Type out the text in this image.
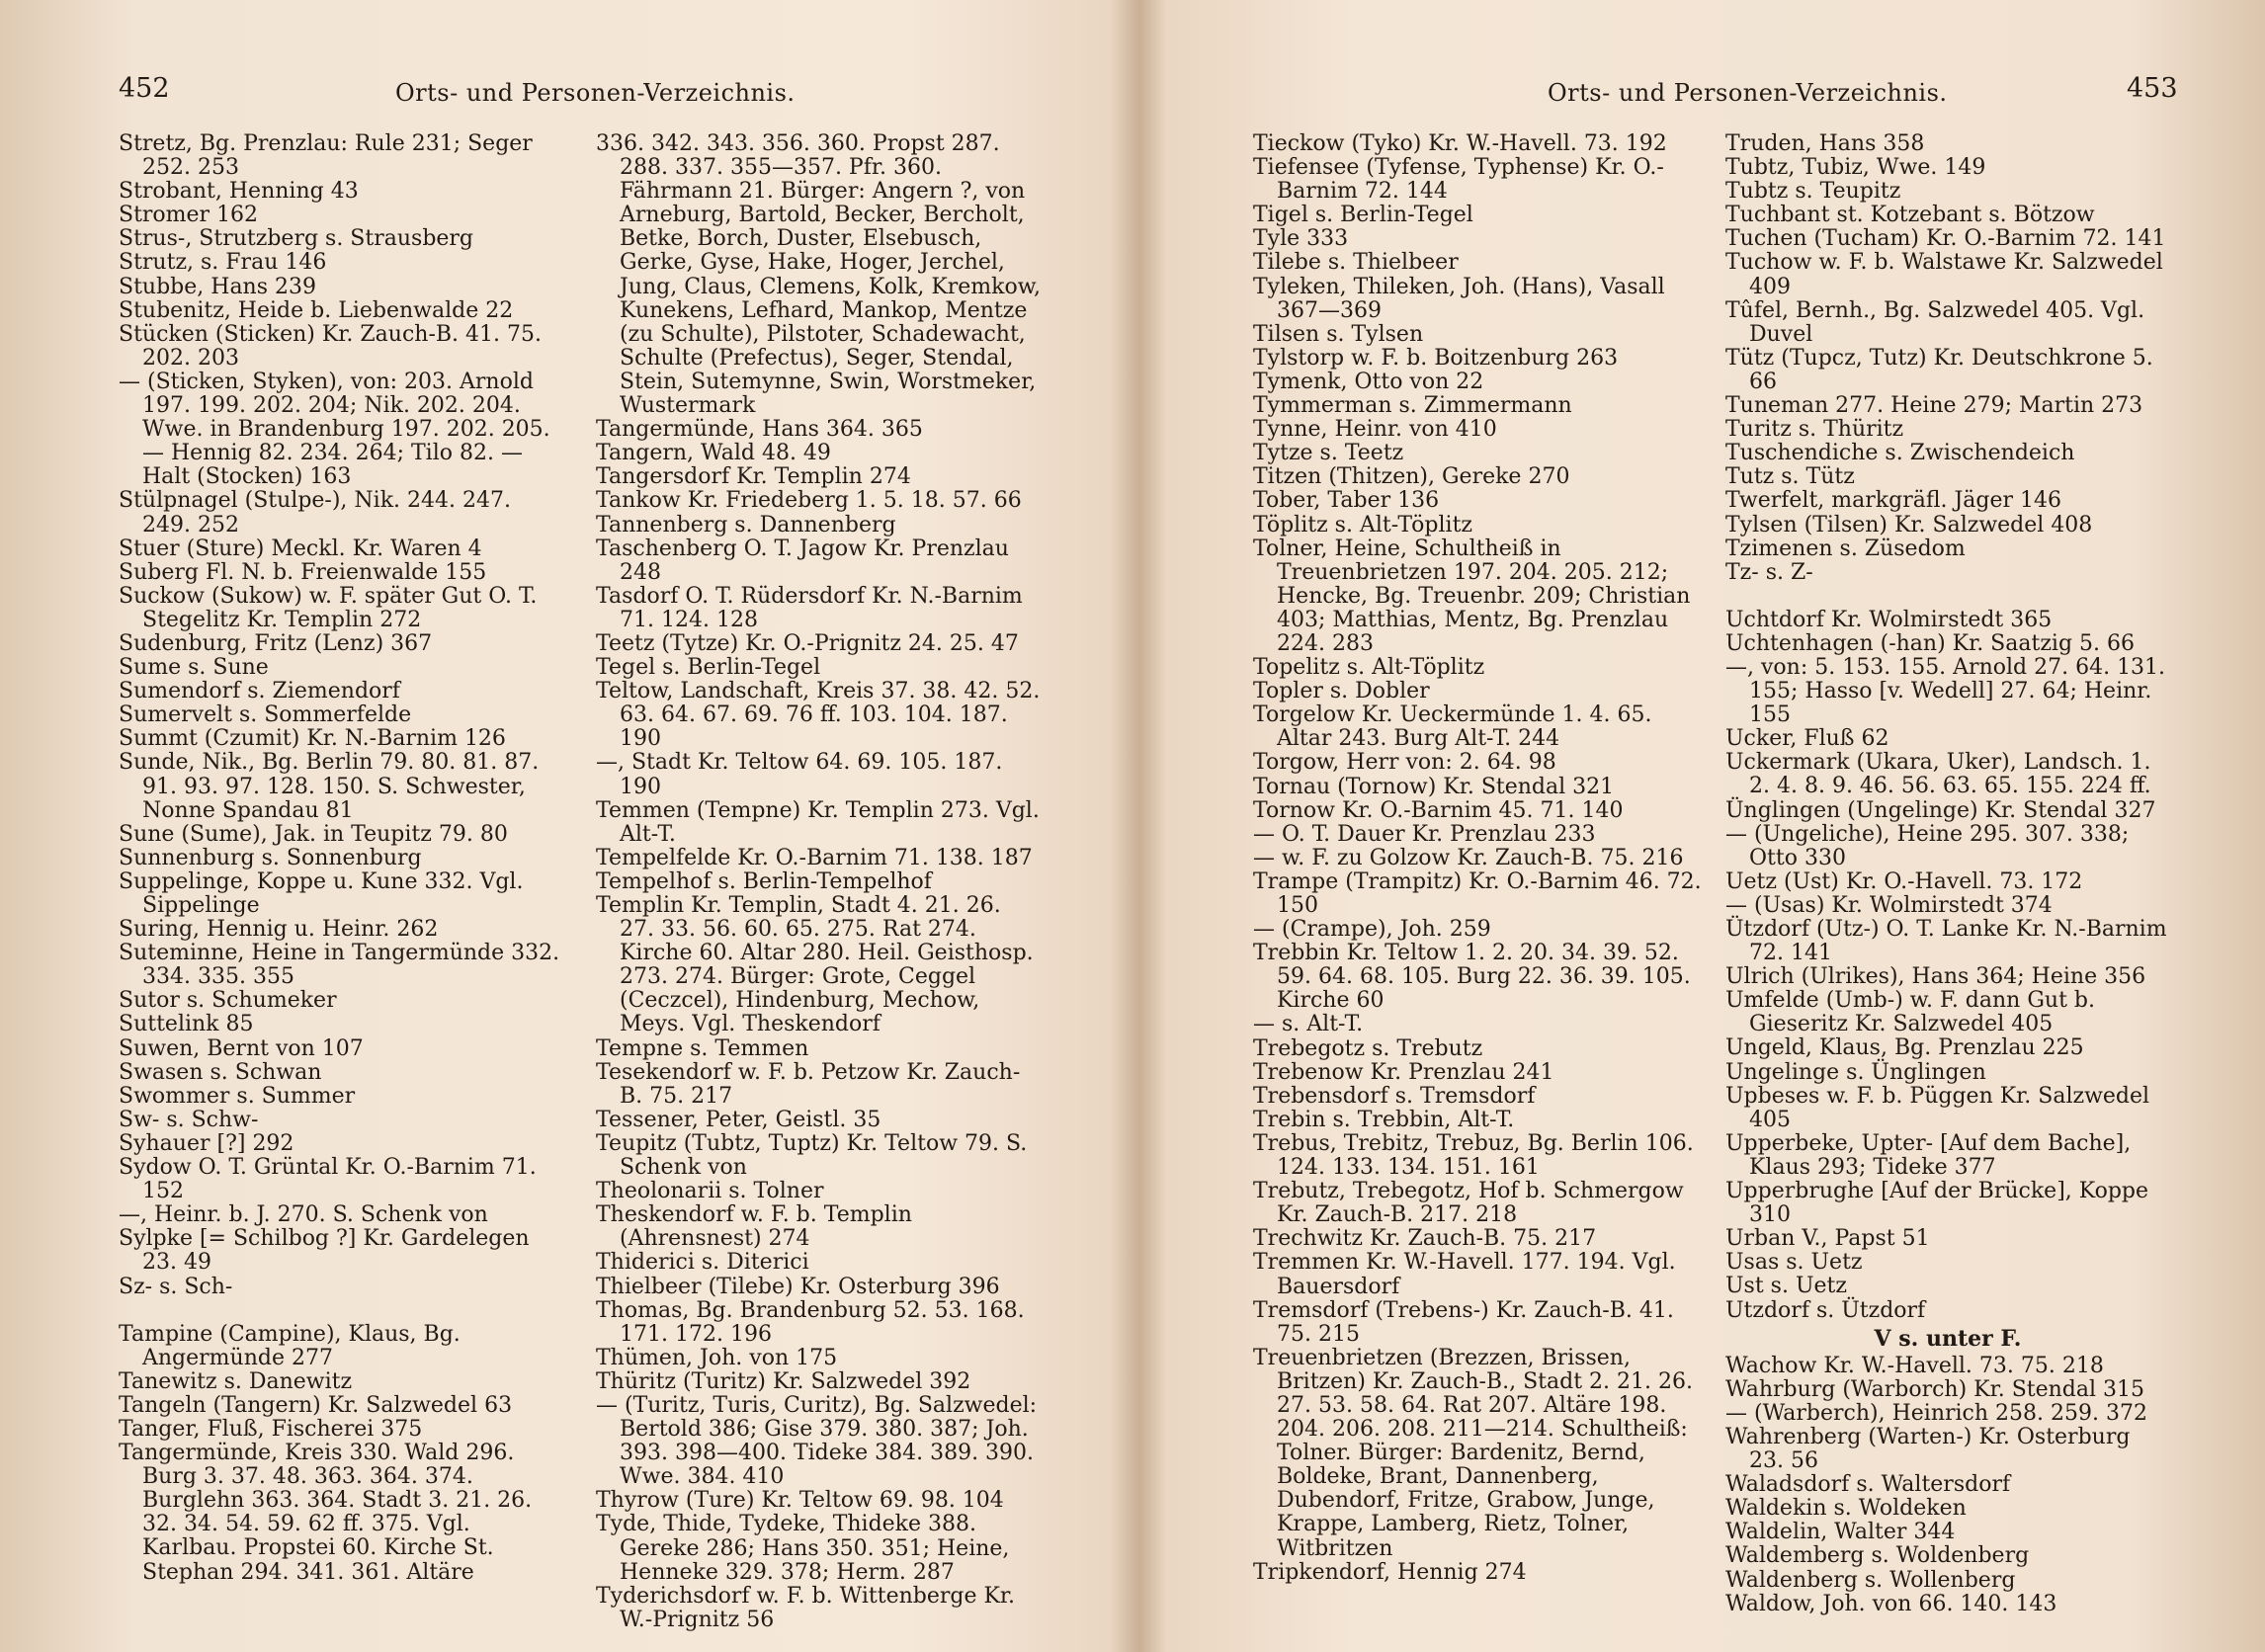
452	Orts- und Personen-Verzeichnis.
Stretz, Bg. Prenzlau: Rule 231; Seger 252. 253
Strobant, Henning 43
Stromer 162
Strus-, Strutzberg s. Strausberg
Strutz, s. Frau 146
Stubbe, Hans 239
Stubenitz, Heide b. Liebenwalde 22
Stücken (Sticken) Kr. Zauch-B. 41. 75. 202. 203
— (Sticken, Styken), von: 203. Arnold 197. 199. 202. 204; Nik. 202. 204. Wwe. in Brandenburg 197. 202. 205. — Hennig 82. 234. 264; Tilo 82. — Halt (Stocken) 163
Stülpnagel (Stulpe-), Nik. 244. 247. 249. 252
Stuer (Sture) Meckl. Kr. Waren 4
Suberg Fl. N. b. Freienwalde 155
Suckow (Sukow) w. F. später Gut O. T. Stegelitz Kr. Templin 272
Sudenburg, Fritz (Lenz) 367
Sume s. Sune
Sumendorf s. Ziemendorf
Sumervelt s. Sommerfelde
Summt (Czumit) Kr. N.-Barnim 126
Sunde, Nik., Bg. Berlin 79. 80. 81. 87. 91. 93. 97. 128. 150. S. Schwester, Nonne Spandau 81
Sune (Sume), Jak. in Teupitz 79. 80
Sunnenburg s. Sonnenburg
Suppelinge, Koppe u. Kune 332. Vgl. Sippelinge
Suring, Hennig u. Heinr. 262
Suteminne, Heine in Tangermünde 332. 334. 335. 355
Sutor s. Schumeker
Suttelink 85
Suwen, Bernt von 107
Swasen s. Schwan
Swommer s. Summer
Sw- s. Schw-
Syhauer [?] 292
Sydow O. T. Grüntal Kr. O.-Barnim 71. 152
—, Heinr. b. J. 270. S. Schenk von
Sylpke [= Schilbog ?] Kr. Gardelegen 23. 49
Sz- s. Sch-
Tampine (Campine), Klaus, Bg. Angermünde 277
Tanewitz s. Danewitz
Tangeln (Tangern) Kr. Salzwedel 63
Tanger, Fluß, Fischerei 375
Tangermünde, Kreis 330. Wald 296. Burg 3. 37. 48. 363. 364. 374. Burglehn 363. 364. Stadt 3. 21. 26. 32. 34. 54. 59. 62 ff. 375. Vgl. Karlbau. Propstei 60. Kirche St. Stephan 294. 341. 361. Altäre
336. 342. 343. 356. 360. Propst 287. 288. 337. 355—357. Pfr. 360. Fährmann 21. Bürger: Angern ?, von Arneburg, Bartold, Becker, Bercholt, Betke, Borch, Duster, Elsebusch, Gerke, Gyse, Hake, Hoger, Jerchel, Jung, Claus, Clemens, Kolk, Kremkow, Kunekens, Lefhard, Mankop, Mentze (zu Schulte), Pilstoter, Schadewacht, Schulte (Prefectus), Seger, Stendal, Stein, Sutemynne, Swin, Worstmeker, Wustermark
Tangermünde, Hans 364. 365
Tangern, Wald 48. 49
Tangersdorf Kr. Templin 274
Tankow Kr. Friedeberg 1. 5. 18. 57. 66
Tannenberg s. Dannenberg
Taschenberg O. T. Jagow Kr. Prenzlau 248
Tasdorf O. T. Rüdersdorf Kr. N.-Barnim 71. 124. 128
Teetz (Tytze) Kr. O.-Prignitz 24. 25. 47
Tegel s. Berlin-Tegel
Teltow, Landschaft, Kreis 37. 38. 42. 52. 63. 64. 67. 69. 76 ff. 103. 104. 187. 190
—, Stadt Kr. Teltow 64. 69. 105. 187. 190
Temmen (Tempne) Kr. Templin 273. Vgl. Alt-T.
Tempelfelde Kr. O.-Barnim 71. 138. 187
Tempelhof s. Berlin-Tempelhof
Templin Kr. Templin, Stadt 4. 21. 26. 27. 33. 56. 60. 65. 275. Rat 274. Kirche 60. Altar 280. Heil. Geisthosp. 273. 274. Bürger: Grote, Ceggel (Ceczcel), Hindenburg, Mechow, Meys. Vgl. Theskendorf
Tempne s. Temmen
Tesekendorf w. F. b. Petzow Kr. Zauch-B. 75. 217
Tessener, Peter, Geistl. 35
Teupitz (Tubtz, Tuptz) Kr. Teltow 79. S. Schenk von
Theolonarii s. Tolner
Theskendorf w. F. b. Templin (Ahrensnest) 274
Thiderici s. Diterici
Thielbeer (Tilebe) Kr. Osterburg 396
Thomas, Bg. Brandenburg 52. 53. 168. 171. 172. 196
Thümen, Joh. von 175
Thüritz (Turitz) Kr. Salzwedel 392
— (Turitz, Turis, Curitz), Bg. Salzwedel: Bertold 386; Gise 379. 380. 387; Joh. 393. 398—400. Tideke 384. 389. 390. Wwe. 384. 410
Thyrow (Ture) Kr. Teltow 69. 98. 104
Tyde, Thide, Tydeke, Thideke 388. Gereke 286; Hans 350. 351; Heine, Henneke 329. 378; Herm. 287
Tyderichsdorf w. F. b. Wittenberge Kr. W.-Prignitz 56
Orts- und Personen-Verzeichnis.	453
Tieckow (Tyko) Kr. W.-Havell. 73. 192
Tiefensee (Tyfense, Typhense) Kr. O.-Barnim 72. 144
Tigel s. Berlin-Tegel
Tyle 333
Tilebe s. Thielbeer
Tyleken, Thileken, Joh. (Hans), Vasall 367—369
Tilsen s. Tylsen
Tylstorp w. F. b. Boitzenburg 263
Tymenk, Otto von 22
Tymmerman s. Zimmermann
Tynne, Heinr. von 410
Tytze s. Teetz
Titzen (Thitzen), Gereke 270
Tober, Taber 136
Töplitz s. Alt-Töplitz
Tolner, Heine, Schultheiß in Treuenbrietzen 197. 204. 205. 212; Hencke, Bg. Treuenbr. 209; Christian 403; Matthias, Mentz, Bg. Prenzlau 224. 283
Topelitz s. Alt-Töplitz
Topler s. Dobler
Torgelow Kr. Ueckermünde 1. 4. 65. Altar 243. Burg Alt-T. 244
Torgow, Herr von: 2. 64. 98
Tornau (Tornow) Kr. Stendal 321
Tornow Kr. O.-Barnim 45. 71. 140
— O. T. Dauer Kr. Prenzlau 233
— w. F. zu Golzow Kr. Zauch-B. 75. 216
Trampe (Trampitz) Kr. O.-Barnim 46. 72. 150
— (Crampe), Joh. 259
Trebbin Kr. Teltow 1. 2. 20. 34. 39. 52. 59. 64. 68. 105. Burg 22. 36. 39. 105. Kirche 60
— s. Alt-T.
Trebegotz s. Trebutz
Trebenow Kr. Prenzlau 241
Trebensdorf s. Tremsdorf
Trebin s. Trebbin, Alt-T.
Trebus, Trebitz, Trebuz, Bg. Berlin 106. 124. 133. 134. 151. 161
Trebutz, Trebegotz, Hof b. Schmergow Kr. Zauch-B. 217. 218
Trechwitz Kr. Zauch-B. 75. 217
Tremmen Kr. W.-Havell. 177. 194. Vgl. Bauersdorf
Tremsdorf (Trebens-) Kr. Zauch-B. 41. 75. 215
Treuenbrietzen (Brezzen, Brissen, Britzen) Kr. Zauch-B., Stadt 2. 21. 26. 27. 53. 58. 64. Rat 207. Altäre 198. 204. 206. 208. 211—214. Schultheiß: Tolner. Bürger: Bardenitz, Bernd, Boldeke, Brant, Dannenberg, Dubendorf, Fritze, Grabow, Junge, Krappe, Lamberg, Rietz, Tolner, Witbritzen
Tripkendorf, Hennig 274
Truden, Hans 358
Tubtz, Tubiz, Wwe. 149
Tubtz s. Teupitz
Tuchbant st. Kotzebant s. Bötzow
Tuchen (Tucham) Kr. O.-Barnim 72. 141
Tuchow w. F. b. Walstawe Kr. Salzwedel 409
Tûfel, Bernh., Bg. Salzwedel 405. Vgl. Duvel
Tütz (Tupcz, Tutz) Kr. Deutschkrone 5. 66
Tuneman 277. Heine 279; Martin 273
Turitz s. Thüritz
Tuschendiche s. Zwischendeich
Tutz s. Tütz
Twerfelt, markgräfl. Jäger 146
Tylsen (Tilsen) Kr. Salzwedel 408
Tzimenen s. Züsedom
Tz- s. Z-
Uchtdorf Kr. Wolmirstedt 365
Uchtenhagen (-han) Kr. Saatzig 5. 66
—, von: 5. 153. 155. Arnold 27. 64. 131. 155; Hasso [v. Wedell] 27. 64; Heinr. 155
Ucker, Fluß 62
Uckermark (Ukara, Uker), Landsch. 1. 2. 4. 8. 9. 46. 56. 63. 65. 155. 224 ff.
Ünglingen (Ungelinge) Kr. Stendal 327
— (Ungeliche), Heine 295. 307. 338; Otto 330
Uetz (Ust) Kr. O.-Havell. 73. 172
— (Usas) Kr. Wolmirstedt 374
Ützdorf (Utz-) O. T. Lanke Kr. N.-Barnim 72. 141
Ulrich (Ulrikes), Hans 364; Heine 356
Umfelde (Umb-) w. F. dann Gut b. Gieseritz Kr. Salzwedel 405
Ungeld, Klaus, Bg. Prenzlau 225
Ungelinge s. Ünglingen
Upbeses w. F. b. Püggen Kr. Salzwedel 405
Upperbeke, Upter- [Auf dem Bache], Klaus 293; Tideke 377
Upperbrughe [Auf der Brücke], Koppe 310
Urban V., Papst 51
Usas s. Uetz
Ust s. Uetz
Utzdorf s. Ützdorf
V s. unter F.
Wachow Kr. W.-Havell. 73. 75. 218
Wahrburg (Warborch) Kr. Stendal 315
— (Warberch), Heinrich 258. 259. 372
Wahrenberg (Warten-) Kr. Osterburg 23. 56
Waladsdorf s. Waltersdorf
Waldekin s. Woldeken
Waldelin, Walter 344
Waldemberg s. Woldenberg
Waldenberg s. Wollenberg
Waldow, Joh. von 66. 140. 143
